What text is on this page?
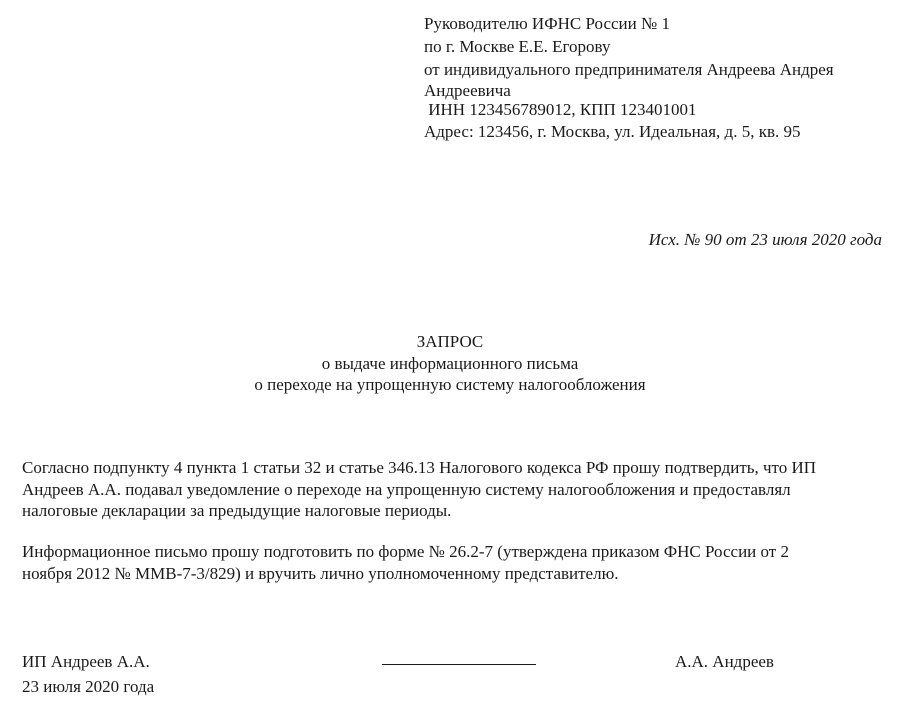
Руководителю ИФНС России № 1
по г. Москве Е.Е. Егорову
от индивидуального предпринимателя Андреева Андрея
Андреевича
ИНН 123456789012, КПП 123401001
Адрес: 123456, г. Москва, ул. Идеальная, д. 5, кв. 95
Исх. № 90 от 23 июля 2020 года
ЗАПРОС
о выдаче информационного письма
о переходе на упрощенную систему налогообложения
Согласно подпункту 4 пункта 1 статьи 32 и статье 346.13 Налогового кодекса РФ прошу подтвердить, что ИП
Андреев А.А. подавал уведомление о переходе на упрощенную систему налогообложения и предоставлял
налоговые декларации за предыдущие налоговые периоды.
Информационное письмо прошу подготовить по форме № 26.2-7 (утверждена приказом ФНС России от 2
ноября 2012 № ММВ-7-3/829) и вручить лично уполномоченному представителю.
ИП Андреев А.А.	А.А. Андреев
23 июля 2020 года
